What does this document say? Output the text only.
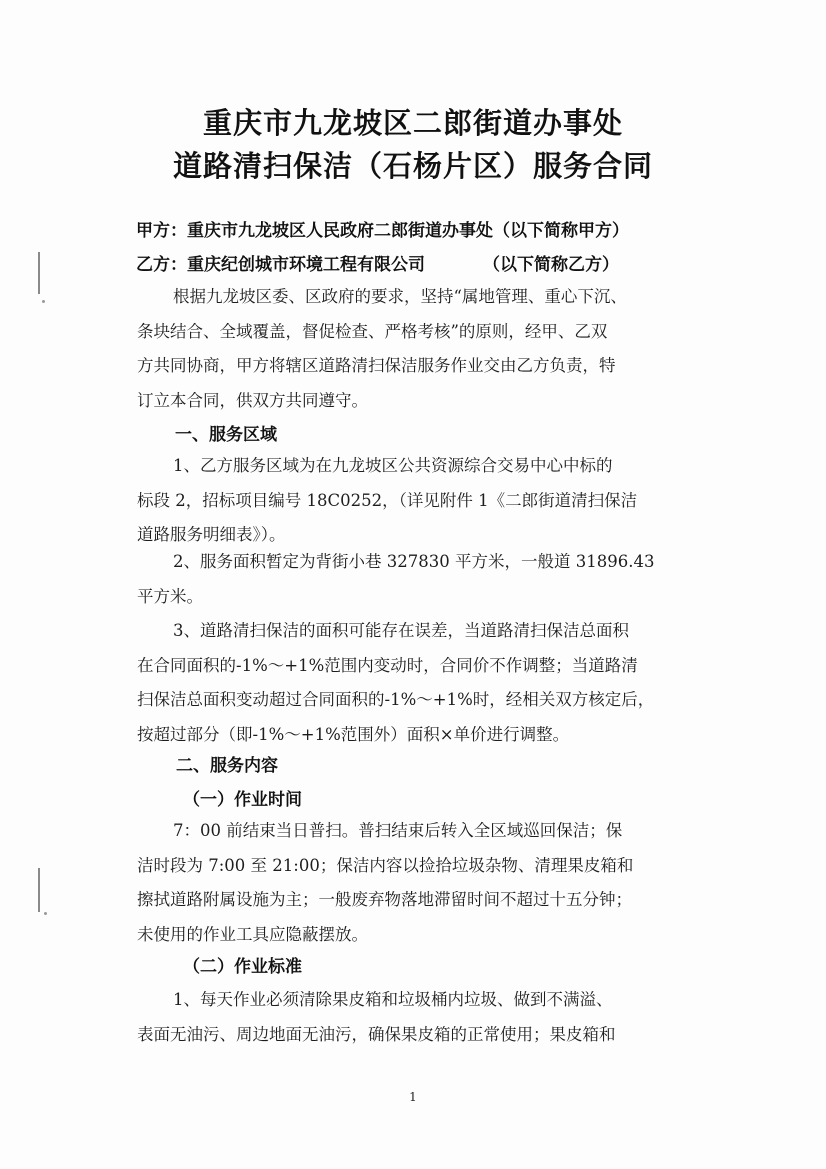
重庆市九龙坡区二郎街道办事处
道路清扫保洁（石杨片区）服务合同
甲方：重庆市九龙坡区人民政府二郎街道办事处（以下简称甲方）
乙方：重庆纪创城市环境工程有限公司	（以下简称乙方）
根据九龙坡区委、区政府的要求，坚持“属地管理、重心下沉、
条块结合、全域覆盖，督促检查、严格考核”的原则，经甲、乙双
方共同协商，甲方将辖区道路清扫保洁服务作业交由乙方负责，特
订立本合同，供双方共同遵守。
一、服务区域
1、乙方服务区域为在九龙坡区公共资源综合交易中心中标的
标段 2，招标项目编号 18C0252，（详见附件 1《二郎街道清扫保洁
道路服务明细表》）。
2、服务面积暂定为背街小巷 327830 平方米，一般道 31896.43
平方米。
3、道路清扫保洁的面积可能存在误差，当道路清扫保洁总面积
在合同面积的-1%～+1%范围内变动时，合同价不作调整；当道路清
扫保洁总面积变动超过合同面积的-1%～+1%时，经相关双方核定后，
按超过部分（即-1%～+1%范围外）面积×单价进行调整。
二、服务内容
（一）作业时间
7：00 前结束当日普扫。普扫结束后转入全区域巡回保洁；保
洁时段为 7:00 至 21:00；保洁内容以捡拾垃圾杂物、清理果皮箱和
擦拭道路附属设施为主；一般废弃物落地滞留时间不超过十五分钟；
未使用的作业工具应隐蔽摆放。
（二）作业标准
1、每天作业必须清除果皮箱和垃圾桶内垃圾、做到不满溢、
表面无油污、周边地面无油污，确保果皮箱的正常使用；果皮箱和
1
